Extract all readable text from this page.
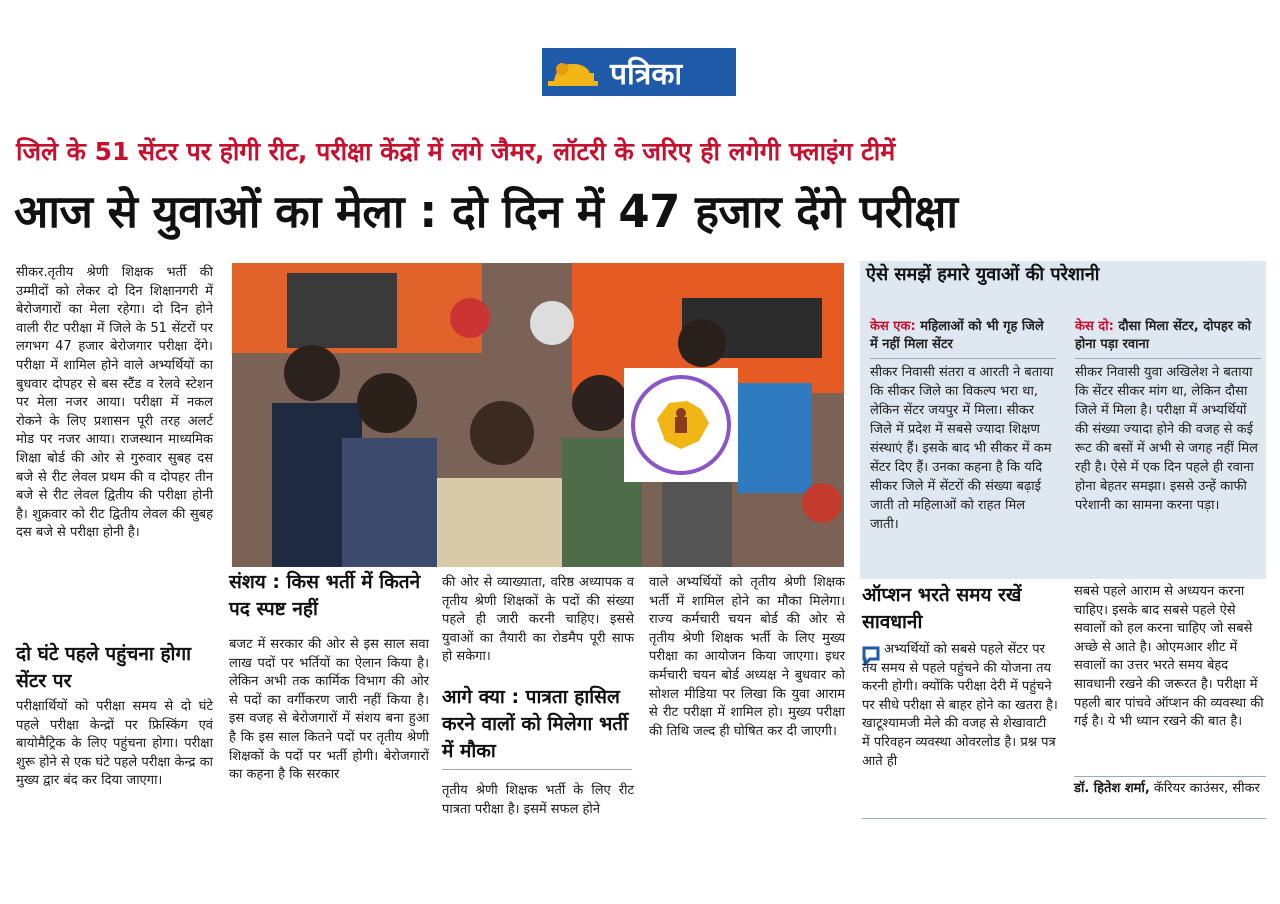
पत्रिका
जिले के 51 सेंटर पर होगी रीट, परीक्षा केंद्रों में लगे जैमर, लॉटरी के जरिए ही लगेगी फ्लाइंग टीमें
आज से युवाओं का मेला : दो दिन में 47 हजार देंगे परीक्षा
सीकर.तृतीय श्रेणी शिक्षक भर्ती की उम्मीदों को लेकर दो दिन शिक्षानगरी में बेरोजगारों का मेला रहेगा। दो दिन होने वाली रीट परीक्षा में जिले के 51 सेंटरों पर लगभग 47 हजार बेरोजगार परीक्षा देंगे। परीक्षा में शामिल होने वाले अभ्यर्थियों का बुधवार दोपहर से बस स्टैंड व रेलवे स्टेशन पर मेला नजर आया। परीक्षा में नकल रोकने के लिए प्रशासन पूरी तरह अलर्ट मोड पर नजर आया। राजस्थान माध्यमिक शिक्षा बोर्ड की ओर से गुरुवार सुबह दस बजे से रीट लेवल प्रथम की व दोपहर तीन बजे से रीट लेवल द्वितीय की परीक्षा होनी है। शुक्रवार को रीट द्वितीय लेवल की सुबह दस बजे से परीक्षा होनी है।
दो घंटे पहले पहुंचना होगा सेंटर पर
परीक्षार्थियों को परीक्षा समय से दो घंटे पहले परीक्षा केन्द्रों पर फ्रिस्किंग एवं बायोमैट्रिक के लिए पहुंचना होगा। परीक्षा शुरू होने से एक घंटे पहले परीक्षा केन्द्र का मुख्य द्वार बंद कर दिया जाएगा।
संशय : किस भर्ती में कितने पद स्पष्ट नहीं
बजट में सरकार की ओर से इस साल सवा लाख पदों पर भर्तियों का ऐलान किया है। लेकिन अभी तक कार्मिक विभाग की ओर से पदों का वर्गीकरण जारी नहीं किया है। इस वजह से बेरोजगारों में संशय बना हुआ है कि इस साल कितने पदों पर तृतीय श्रेणी शिक्षकों के पदों पर भर्ती होगी। बेरोजगारों का कहना है कि सरकार
की ओर से व्याख्याता, वरिष्ठ अध्यापक व तृतीय श्रेणी शिक्षकों के पदों की संख्या पहले ही जारी करनी चाहिए। इससे युवाओं का तैयारी का रोडमैप पूरी साफ हो सकेगा।
आगे क्या : पात्रता हासिल करने वालों को मिलेगा भर्ती में मौका
तृतीय श्रेणी शिक्षक भर्ती के लिए रीट पात्रता परीक्षा है। इसमें सफल होने
वाले अभ्यर्थियों को तृतीय श्रेणी शिक्षक भर्ती में शामिल होने का मौका मिलेगा। राज्य कर्मचारी चयन बोर्ड की ओर से तृतीय श्रेणी शिक्षक भर्ती के लिए मुख्य परीक्षा का आयोजन किया जाएगा। इधर कर्मचारी चयन बोर्ड अध्यक्ष ने बुधवार को सोशल मीडिया पर लिखा कि युवा आराम से रीट परीक्षा में शामिल हो। मुख्य परीक्षा की तिथि जल्द ही घोषित कर दी जाएगी।
ऐसे समझें हमारे युवाओं की परेशानी
केस एक: महिलाओं को भी गृह जिले में नहीं मिला सेंटर
सीकर निवासी संतरा व आरती ने बताया कि सीकर जिले का विकल्प भरा था, लेकिन सेंटर जयपुर में मिला। सीकर जिले में प्रदेश में सबसे ज्यादा शिक्षण संस्थाएं हैं। इसके बाद भी सीकर में कम सेंटर दिए हैं। उनका कहना है कि यदि सीकर जिले में सेंटरों की संख्या बढ़ाई जाती तो महिलाओं को राहत मिल जाती।
केस दो: दौसा मिला सेंटर, दोपहर को होना पड़ा रवाना
सीकर निवासी युवा अखिलेश ने बताया कि सेंटर सीकर मांग था, लेकिन दौसा जिले में मिला है। परीक्षा में अभ्यर्थियों की संख्या ज्यादा होने की वजह से कई रूट की बसों में अभी से जगह नहीं मिल रही है। ऐसे में एक दिन पहले ही रवाना होना बेहतर समझा। इससे उन्हें काफी परेशानी का सामना करना पड़ा।
ऑप्शन भरते समय रखें सावधानी
अभ्यर्थियों को सबसे पहले सेंटर पर तय समय से पहले पहुंचने की योजना तय करनी होगी। क्योंकि परीक्षा देरी में पहुंचने पर सीधे परीक्षा से बाहर होने का खतरा है। खाटूश्यामजी मेले की वजह से शेखावाटी में परिवहन व्यवस्था ओवरलोड है। प्रश्न पत्र आते ही
सबसे पहले आराम से अध्ययन करना चाहिए। इसके बाद सबसे पहले ऐसे सवालों को हल करना चाहिए जो सबसे अच्छे से आते है। ओएमआर शीट में सवालों का उत्तर भरते समय बेहद सावधानी रखने की जरूरत है। परीक्षा में पहली बार पांचवे ऑप्शन की व्यवस्था की गई है। ये भी ध्यान रखने की बात है।
डॉ. हितेश शर्मा, कॅरियर काउंसर, सीकर
